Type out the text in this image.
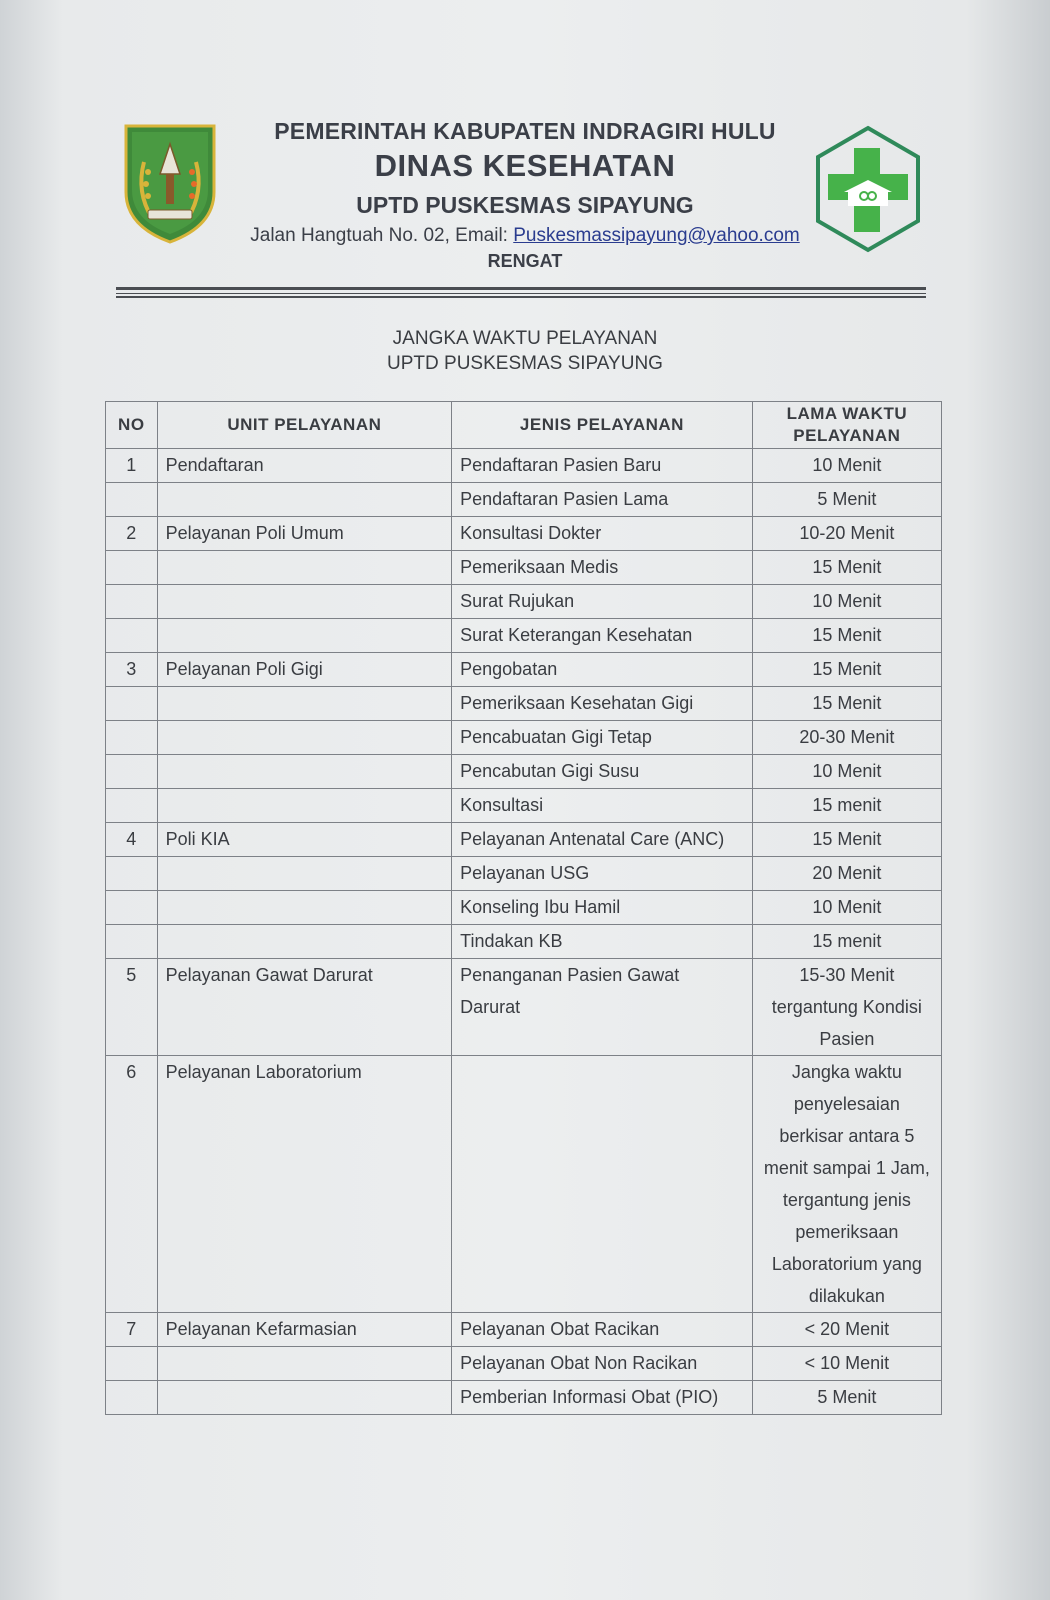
PEMERINTAH KABUPATEN INDRAGIRI HULU
DINAS KESEHATAN
UPTD PUSKESMAS SIPAYUNG
Jalan Hangtuah No. 02, Email: Puskesmassipayung@yahoo.com
RENGAT
JANGKA WAKTU PELAYANAN
UPTD PUSKESMAS SIPAYUNG
NO	UNIT PELAYANAN	JENIS PELAYANAN	LAMA WAKTU PELAYANAN
1	Pendaftaran	Pendaftaran Pasien Baru	10 Menit
		Pendaftaran Pasien Lama	5 Menit
2	Pelayanan Poli Umum	Konsultasi Dokter	10-20 Menit
		Pemeriksaan Medis	15 Menit
		Surat Rujukan	10 Menit
		Surat Keterangan Kesehatan	15 Menit
3	Pelayanan Poli Gigi	Pengobatan	15 Menit
		Pemeriksaan Kesehatan Gigi	15 Menit
		Pencabuatan Gigi Tetap	20-30 Menit
		Pencabutan Gigi Susu	10 Menit
		Konsultasi	15 menit
4	Poli KIA	Pelayanan Antenatal Care (ANC)	15 Menit
		Pelayanan USG	20 Menit
		Konseling Ibu Hamil	10 Menit
		Tindakan KB	15 menit
5	Pelayanan Gawat Darurat	Penanganan Pasien Gawat Darurat	15-30 Menit tergantung Kondisi Pasien
6	Pelayanan Laboratorium		Jangka waktu penyelesaian berkisar antara 5 menit sampai 1 Jam, tergantung jenis pemeriksaan Laboratorium yang dilakukan
7	Pelayanan Kefarmasian	Pelayanan Obat Racikan	< 20 Menit
		Pelayanan Obat Non Racikan	< 10 Menit
		Pemberian Informasi Obat (PIO)	5 Menit
